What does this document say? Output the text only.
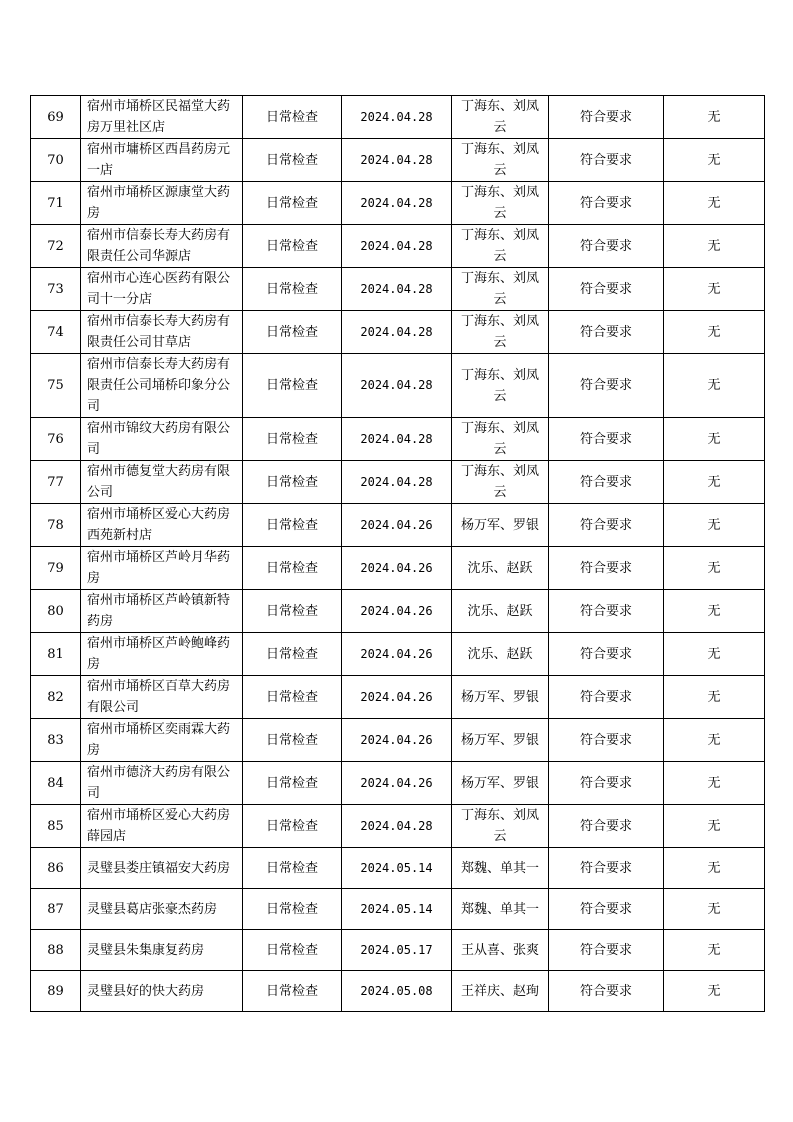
69	宿州市埇桥区民福堂大药
房万里社区店	日常检查	2024.04.28	丁海东、刘凤云	符合要求	无
70	宿州市墉桥区西昌药房元
一店	日常检查	2024.04.28	丁海东、刘凤云	符合要求	无
71	宿州市埇桥区源康堂大药
房	日常检查	2024.04.28	丁海东、刘凤云	符合要求	无
72	宿州市信泰长寿大药房有
限责任公司华源店	日常检查	2024.04.28	丁海东、刘凤云	符合要求	无
73	宿州市心连心医药有限公
司十一分店	日常检查	2024.04.28	丁海东、刘凤云	符合要求	无
74	宿州市信泰长寿大药房有
限责任公司甘草店	日常检查	2024.04.28	丁海东、刘凤云	符合要求	无
75	宿州市信泰长寿大药房有
限责任公司埇桥印象分公
司	日常检查	2024.04.28	丁海东、刘凤云	符合要求	无
76	宿州市锦纹大药房有限公
司	日常检查	2024.04.28	丁海东、刘凤云	符合要求	无
77	宿州市德复堂大药房有限
公司	日常检查	2024.04.28	丁海东、刘凤云	符合要求	无
78	宿州市埇桥区爱心大药房
西苑新村店	日常检查	2024.04.26	杨万军、罗银	符合要求	无
79	宿州市埇桥区芦岭月华药
房	日常检查	2024.04.26	沈乐、赵跃	符合要求	无
80	宿州市埇桥区芦岭镇新特
药房	日常检查	2024.04.26	沈乐、赵跃	符合要求	无
81	宿州市埇桥区芦岭鲍峰药
房	日常检查	2024.04.26	沈乐、赵跃	符合要求	无
82	宿州市埇桥区百草大药房
有限公司	日常检查	2024.04.26	杨万军、罗银	符合要求	无
83	宿州市埇桥区奕雨霖大药
房	日常检查	2024.04.26	杨万军、罗银	符合要求	无
84	宿州市德济大药房有限公
司	日常检查	2024.04.26	杨万军、罗银	符合要求	无
85	宿州市埇桥区爱心大药房
薛园店	日常检查	2024.04.28	丁海东、刘凤云	符合要求	无
86	灵璧县娄庄镇福安大药房	日常检查	2024.05.14	郑魏、单其一	符合要求	无
87	灵璧县葛店张豪杰药房	日常检查	2024.05.14	郑魏、单其一	符合要求	无
88	灵璧县朱集康复药房	日常检查	2024.05.17	王从喜、张爽	符合要求	无
89	灵璧县好的快大药房	日常检查	2024.05.08	王祥庆、赵珣	符合要求	无
